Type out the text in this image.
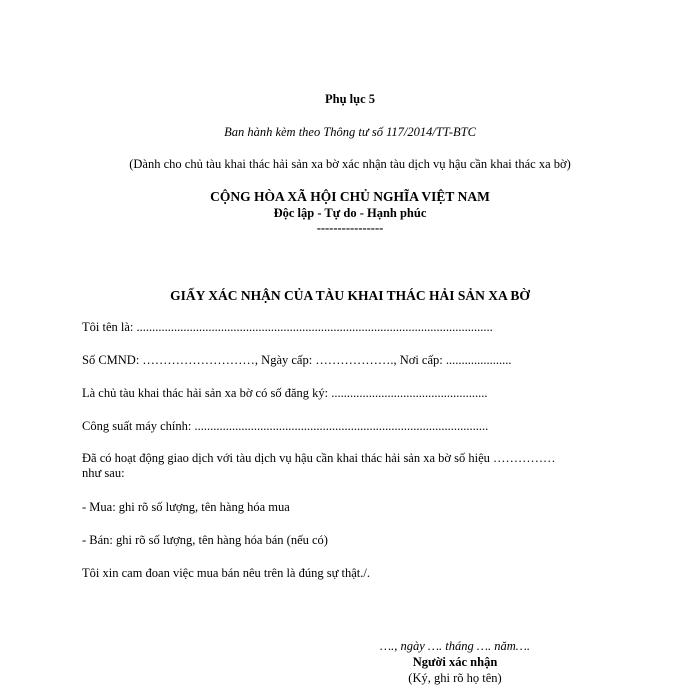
Phụ lục 5
Ban hành kèm theo Thông tư số 117/2014/TT-BTC
(Dành cho chủ tàu khai thác hải sản xa bờ xác nhận tàu dịch vụ hậu cần khai thác xa bờ)
CỘNG HÒA XÃ HỘI CHỦ NGHĨA VIỆT NAM
Độc lập - Tự do - Hạnh phúc
----------------
GIẤY XÁC NHẬN CỦA TÀU KHAI THÁC HẢI SẢN XA BỜ
Tôi tên là: ..................................................................................................................
Số CMND: ………………………, Ngày cấp: ………………., Nơi cấp: .....................
Là chủ tàu khai thác hải sản xa bờ có số đăng ký: ..................................................
Công suất máy chính: ..............................................................................................
Đã có hoạt động giao dịch với tàu dịch vụ hậu cần khai thác hải sản xa bờ số hiệu ……………
như sau:
- Mua: ghi rõ số lượng, tên hàng hóa mua
- Bán: ghi rõ số lượng, tên hàng hóa bán (nếu có)
Tôi xin cam đoan việc mua bán nêu trên là đúng sự thật./.
…., ngày …. tháng …. năm….
Người xác nhận
(Ký, ghi rõ họ tên)
